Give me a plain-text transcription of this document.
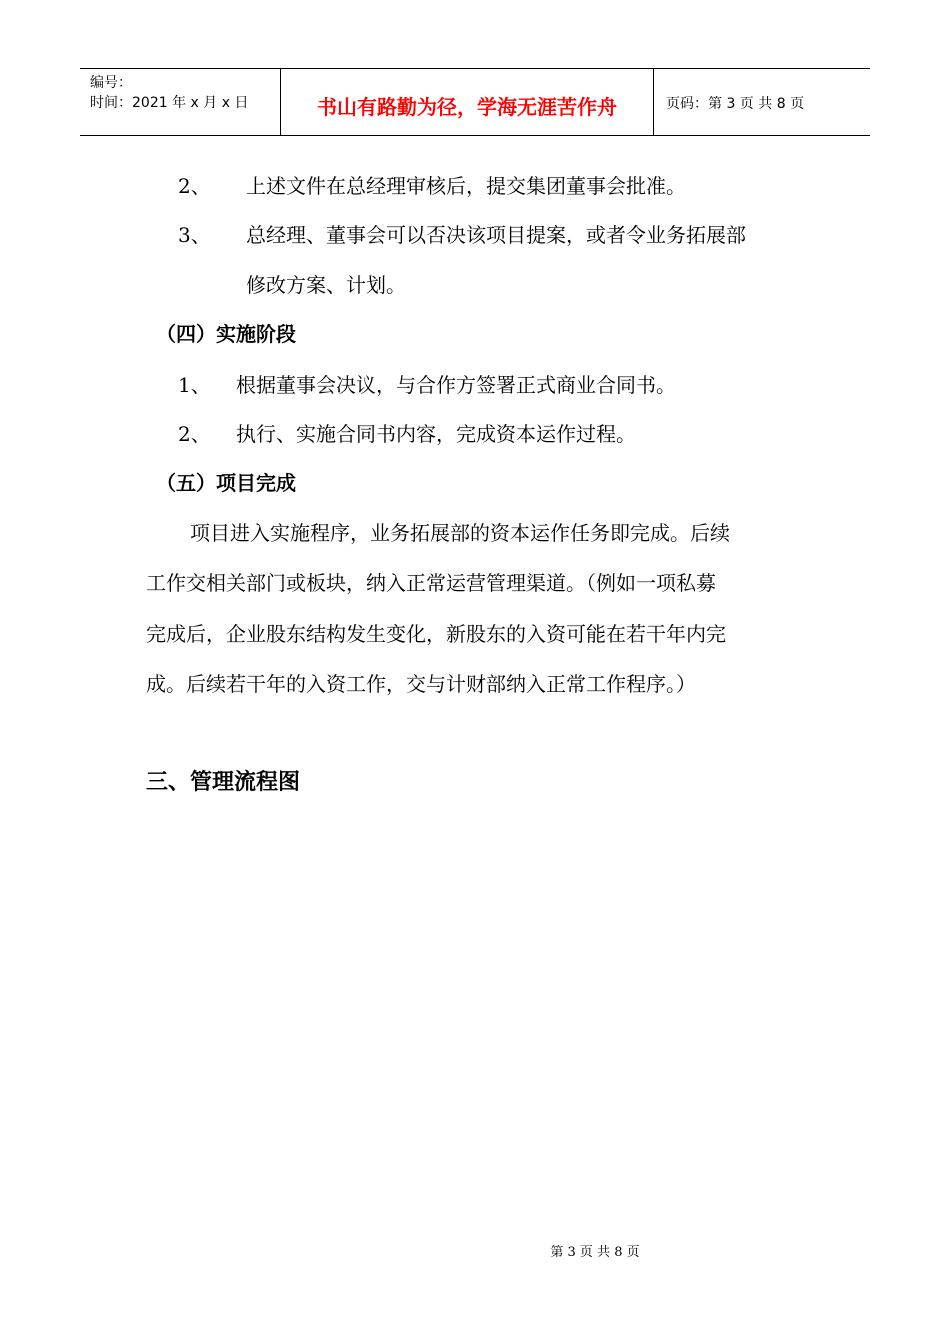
编号：
时间：2021 年 x 月 x 日	书山有路勤为径，学海无涯苦作舟	页码：第 3 页 共 8 页
2、 上述文件在总经理审核后，提交集团董事会批准。
3、 总经理、董事会可以否决该项目提案，或者令业务拓展部
修改方案、计划。
（四）实施阶段
1、 根据董事会决议，与合作方签署正式商业合同书。
2、 执行、实施合同书内容，完成资本运作过程。
（五）项目完成
项目进入实施程序，业务拓展部的资本运作任务即完成。后续
工作交相关部门或板块，纳入正常运营管理渠道。（例如一项私募
完成后，企业股东结构发生变化，新股东的入资可能在若干年内完
成。后续若干年的入资工作，交与计财部纳入正常工作程序。）
三、管理流程图
第 3 页 共 8 页
